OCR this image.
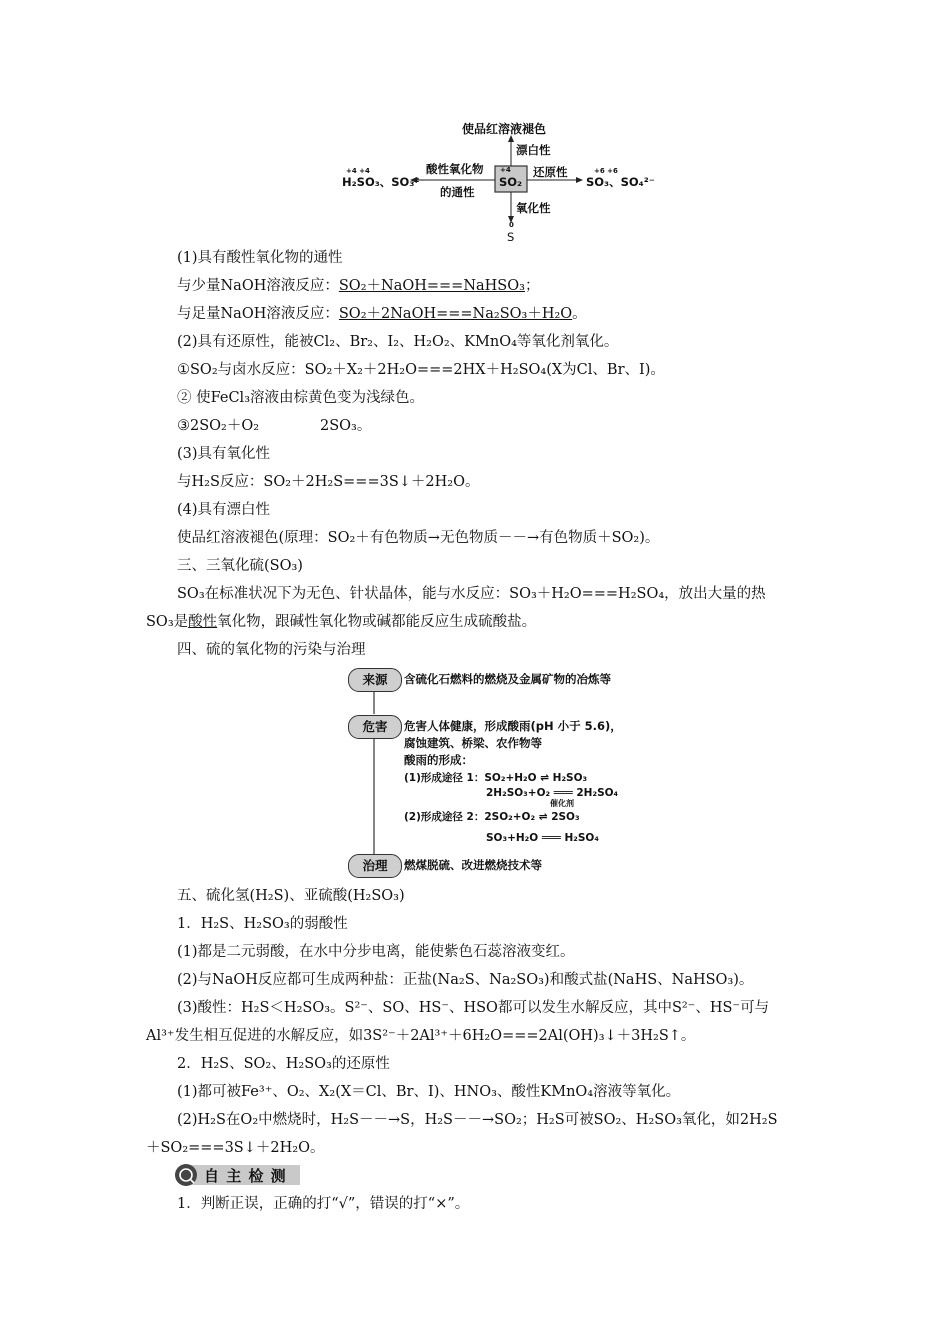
使品红溶液褪色
漂白性
酸性氧化物
的通性
还原性
氧化性
+4
SO₂
+4 +4
H₂SO₃、SO₃²⁻
+6 +6
SO₃、SO₄²⁻
0
S
(1)具有酸性氧化物的通性
与少量NaOH溶液反应：SO₂＋NaOH===NaHSO₃；
与足量NaOH溶液反应：SO₂＋2NaOH===Na₂SO₃＋H₂O。
(2)具有还原性，能被Cl₂、Br₂、I₂、H₂O₂、KMnO₄等氧化剂氧化。
①SO₂与卤水反应：SO₂＋X₂＋2H₂O===2HX＋H₂SO₄(X为Cl、Br、I)。
② 使FeCl₃溶液由棕黄色变为浅绿色。
③2SO₂＋O₂	2SO₃。
(3)具有氧化性
与H₂S反应：SO₂＋2H₂S===3S↓＋2H₂O。
(4)具有漂白性
使品红溶液褪色(原理：SO₂＋有色物质→无色物质－－→有色物质＋SO₂)。
三、三氧化硫(SO₃)
SO₃在标准状况下为无色、针状晶体，能与水反应：SO₃＋H₂O===H₂SO₄，放出大量的热
SO₃是酸性氧化物，跟碱性氧化物或碱都能反应生成硫酸盐。
四、硫的氧化物的污染与治理
来源	含硫化石燃料的燃烧及金属矿物的冶炼等
危害	危害人体健康，形成酸雨(pH 小于 5.6)，
腐蚀建筑、桥梁、农作物等
酸雨的形成：
(1)形成途径 1：SO₂+H₂O ⇌ H₂SO₃
2H₂SO₃+O₂ ═══ 2H₂SO₄
催化剂
(2)形成途径 2：2SO₂+O₂ ⇌ 2SO₃
SO₃+H₂O ═══ H₂SO₄
治理	燃煤脱硫、改进燃烧技术等
五、硫化氢(H₂S)、亚硫酸(H₂SO₃)
1．H₂S、H₂SO₃的弱酸性
(1)都是二元弱酸，在水中分步电离，能使紫色石蕊溶液变红。
(2)与NaOH反应都可生成两种盐：正盐(Na₂S、Na₂SO₃)和酸式盐(NaHS、NaHSO₃)。
(3)酸性：H₂S＜H₂SO₃。S²⁻、SO、HS⁻、HSO都可以发生水解反应，其中S²⁻、HS⁻可与
Al³⁺发生相互促进的水解反应，如3S²⁻＋2Al³⁺＋6H₂O===2Al(OH)₃↓＋3H₂S↑。
2．H₂S、SO₂、H₂SO₃的还原性
(1)都可被Fe³⁺、O₂、X₂(X＝Cl、Br、I)、HNO₃、酸性KMnO₄溶液等氧化。
(2)H₂S在O₂中燃烧时，H₂S－－→S，H₂S－－→SO₂；H₂S可被SO₂、H₂SO₃氧化，如2H₂S
＋SO₂===3S↓＋2H₂O。
自 主 检 测
1．判断正误，正确的打“√”，错误的打“×”。
